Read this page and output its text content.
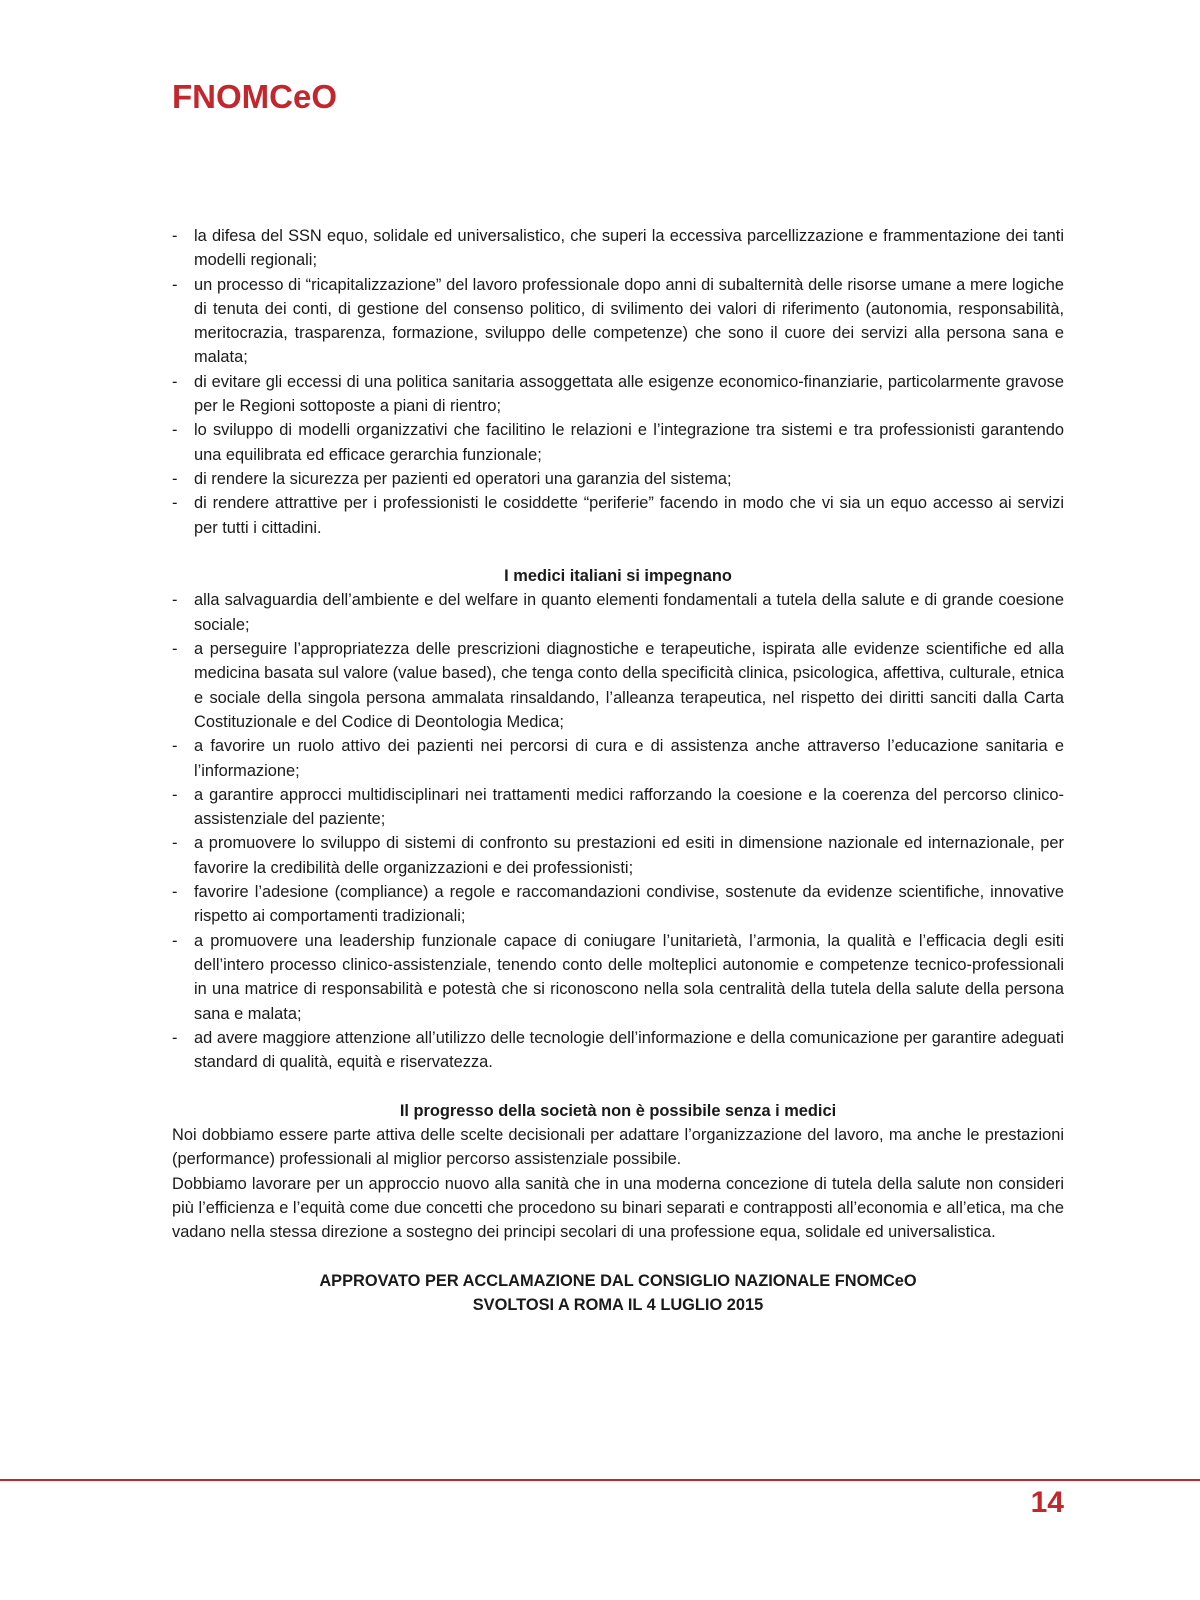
FNOMCeO
- la difesa del SSN equo, solidale ed universalistico, che superi la eccessiva parcellizzazione e frammentazione dei tanti modelli regionali;
- un processo di “ricapitalizzazione” del lavoro professionale dopo anni di subalternità delle risorse umane a mere logiche di tenuta dei conti, di gestione del consenso politico, di svilimento dei valori di riferimento (autonomia, responsabilità, meritocrazia, trasparenza, formazione, sviluppo delle competenze) che sono il cuore dei servizi alla persona sana e malata;
- di evitare gli eccessi di una politica sanitaria assoggettata alle esigenze economico-finanziarie, particolarmente gravose per le Regioni sottoposte a piani di rientro;
- lo sviluppo di modelli organizzativi che facilitino le relazioni e l’integrazione tra sistemi e tra professionisti garantendo una equilibrata ed efficace gerarchia funzionale;
- di rendere la sicurezza per pazienti ed operatori una garanzia del sistema;
- di rendere attrattive per i professionisti le cosiddette “periferie” facendo in modo che vi sia un equo accesso ai servizi per tutti i cittadini.
I medici italiani si impegnano
- alla salvaguardia dell’ambiente e del welfare in quanto elementi fondamentali a tutela della salute e di grande coesione sociale;
- a perseguire l’appropriatezza delle prescrizioni diagnostiche e terapeutiche, ispirata alle evidenze scientifiche ed alla medicina basata sul valore (value based), che tenga conto della specificità clinica, psicologica, affettiva, culturale, etnica e sociale della singola persona ammalata rinsaldando, l’alleanza terapeutica, nel rispetto dei diritti sanciti dalla Carta Costituzionale e del Codice di Deontologia Medica;
- a favorire un ruolo attivo dei pazienti nei percorsi di cura e di assistenza anche attraverso l’educazione sanitaria e l’informazione;
- a garantire approcci multidisciplinari nei trattamenti medici rafforzando la coesione e la coerenza del percorso clinico-assistenziale del paziente;
- a promuovere lo sviluppo di sistemi di confronto su prestazioni ed esiti in dimensione nazionale ed internazionale, per favorire la credibilità delle organizzazioni e dei professionisti;
- favorire l’adesione (compliance) a regole e raccomandazioni condivise, sostenute da evidenze scientifiche, innovative rispetto ai comportamenti tradizionali;
- a promuovere una leadership funzionale capace di coniugare l’unitarietà, l’armonia, la qualità e l’efficacia degli esiti dell’intero processo clinico-assistenziale, tenendo conto delle molteplici autonomie e competenze tecnico-professionali in una matrice di responsabilità e potestà che si riconoscono nella sola centralità della tutela della salute della persona sana e malata;
- ad avere maggiore attenzione all’utilizzo delle tecnologie dell’informazione e della comunicazione per garantire adeguati standard di qualità, equità e riservatezza.
Il progresso della società non è possibile senza i medici

Noi dobbiamo essere parte attiva delle scelte decisionali per adattare l’organizzazione del lavoro, ma anche le prestazioni (performance) professionali al miglior percorso assistenziale possibile.

Dobbiamo lavorare per un approccio nuovo alla sanità che in una moderna concezione di tutela della salute non consideri più l’efficienza e l’equità come due concetti che procedono su binari separati e contrapposti all’economia e all’etica, ma che vadano nella stessa direzione a sostegno dei principi secolari di una professione equa, solidale ed universalistica.

APPROVATO PER ACCLAMAZIONE DAL CONSIGLIO NAZIONALE FNOMCeO
SVOLTOSI A ROMA IL 4 LUGLIO 2015
14
